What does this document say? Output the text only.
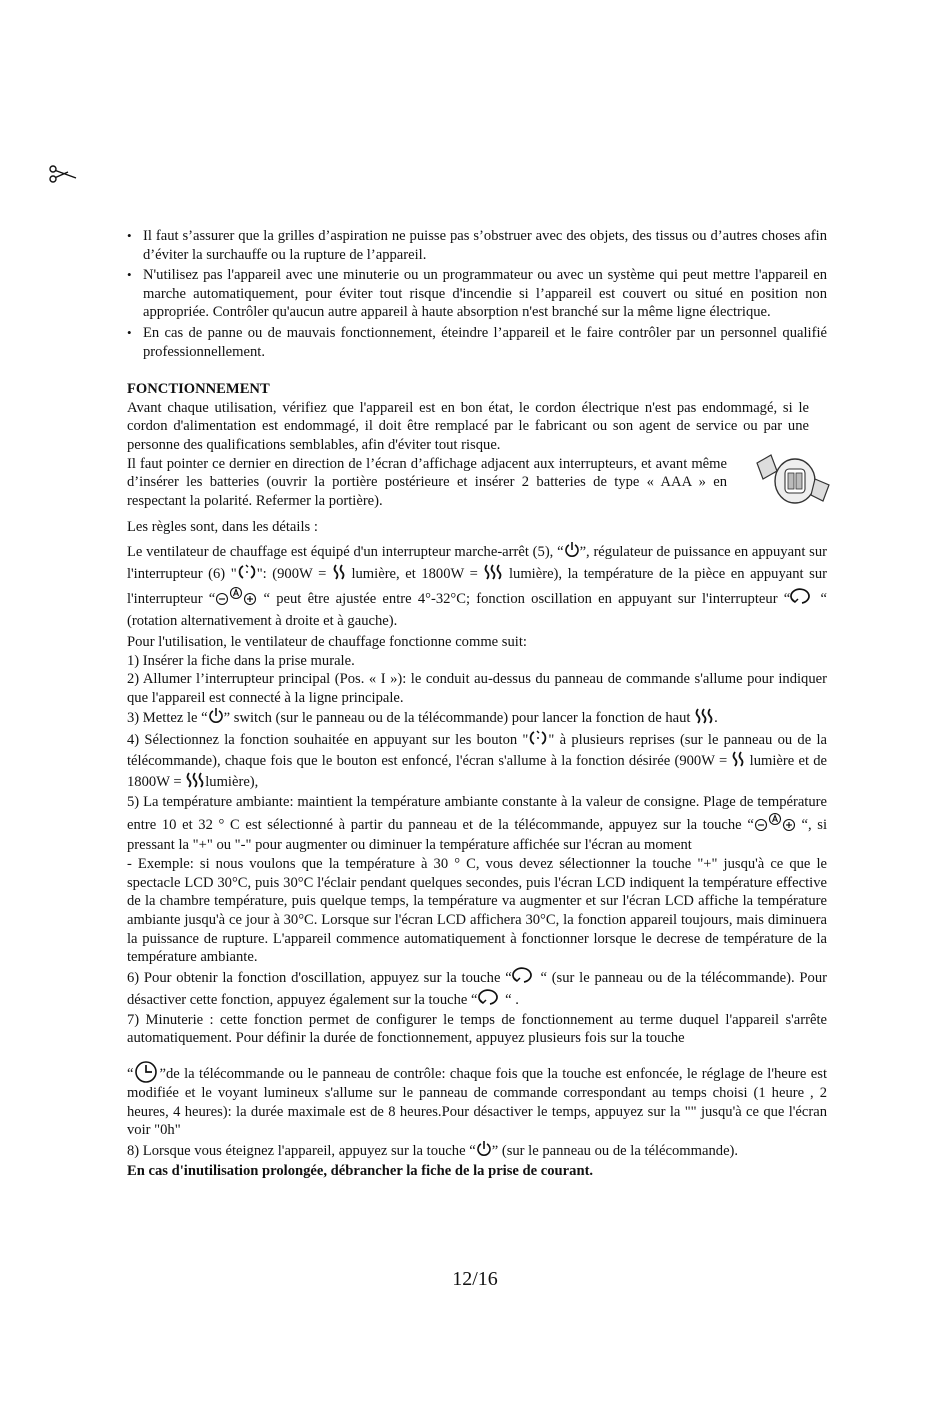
• Il faut s’assurer que la grilles d’aspiration ne puisse pas s’obstruer avec des objets, des tissus ou d’autres choses afin d’éviter la surchauffe ou la rupture de l’appareil.
• N'utilisez pas l'appareil avec une minuterie ou un programmateur ou avec un système qui peut mettre l'appareil en marche automatiquement, pour éviter tout risque d'incendie si l’appareil est couvert ou situé en position non appropriée. Contrôler qu'aucun autre appareil à haute absorption n'est branché sur la même ligne électrique.
• En cas de panne ou de mauvais fonctionnement, éteindre l’appareil et le faire contrôler par un personnel qualifié professionnellement.
FONCTIONNEMENT

Avant chaque utilisation, vérifiez que l'appareil est en bon état, le cordon électrique n'est pas endommagé, si le cordon d'alimentation est endommagé, il doit être remplacé par le fabricant ou son agent de service ou par une personne des qualifications semblables, afin d'éviter tout risque.

Il faut pointer ce dernier en direction de l’écran d’affichage adjacent aux interrupteurs, et avant même d’insérer les batteries (ouvrir la portière postérieure et insérer 2 batteries de type « AAA » en respectant la polarité. Refermer la portière).

Les règles sont, dans les détails :

Le ventilateur de chauffage est équipé d'un interrupteur marche-arrêt (5), “ ”, régulateur de puissance en appuyant sur l'interrupteur (6) " ": (900W =  lumière, et 1800W =  lumière), la température de la pièce en appuyant sur l'interrupteur “	“ peut être ajustée entre 4°-32°C; fonction oscillation en appuyant sur l'interrupteur “ “ (rotation alternativement à droite et à gauche).

Pour l'utilisation, le ventilateur de chauffage fonctionne comme suit:

1) Insérer la fiche dans la prise murale.

2) Allumer l’interrupteur principal (Pos. « I »): le conduit au-dessus du panneau de commande s'allume pour indiquer que l'appareil est connecté à la ligne principale.

3) Mettez le “ ” switch (sur le panneau ou de la télécommande) pour lancer la fonction de haut .

4) Sélectionnez la fonction souhaitée en appuyant sur les bouton " " à plusieurs reprises (sur le panneau ou de la télécommande), chaque fois que le bouton est enfoncé, l'écran s'allume à la fonction désirée (900W =  lumière et de 1800W = lumière),

5) La température ambiante: maintient la température ambiante constante à la valeur de consigne. Plage de température entre 10 et 32 ° C est sélectionné à partir du panneau et de la télécommande, appuyez sur la touche “	“, si pressant la "+" ou "-" pour augmenter ou diminuer la température affichée sur l'écran au moment

- Exemple: si nous voulons que la température à 30 ° C, vous devez sélectionner la touche "+" jusqu'à ce que le spectacle LCD 30°C, puis 30°C l'éclair pendant quelques secondes, puis l'écran LCD indiquent la température effective de la chambre température, puis quelque temps, la température va augmenter et sur l'écran LCD affiche la température ambiante jusqu'à ce jour à 30°C. Lorsque sur l'écran LCD affichera 30°C, la fonction appareil toujours, mais diminuera la puissance de rupture. L'appareil commence automatiquement à fonctionner lorsque le decrese de température de la température ambiante.

6) Pour obtenir la fonction d'oscillation, appuyez sur la touche “ “ (sur le panneau ou de la télécommande). Pour désactiver cette fonction, appuyez également sur la touche “ “ .

7) Minuterie : cette fonction permet de configurer le temps de fonctionnement au terme duquel l'appareil s'arrête automatiquement. Pour définir la durée de fonctionnement, appuyez plusieurs fois sur la touche
“ ”de la télécommande ou le panneau de contrôle: chaque fois que la touche est enfoncée, le réglage de l'heure est modifiée et le voyant lumineux s'allume sur le panneau de commande correspondant au temps choisi (1 heure , 2 heures, 4 heures): la durée maximale est de 8 heures.Pour désactiver le temps, appuyez sur la "" jusqu'à ce que l'écran voir "0h"

8) Lorsque vous éteignez l'appareil, appuyez sur la touche “ ” (sur le panneau ou de la télécommande).

En cas d'inutilisation prolongée, débrancher la fiche de la prise de courant.

12/16
